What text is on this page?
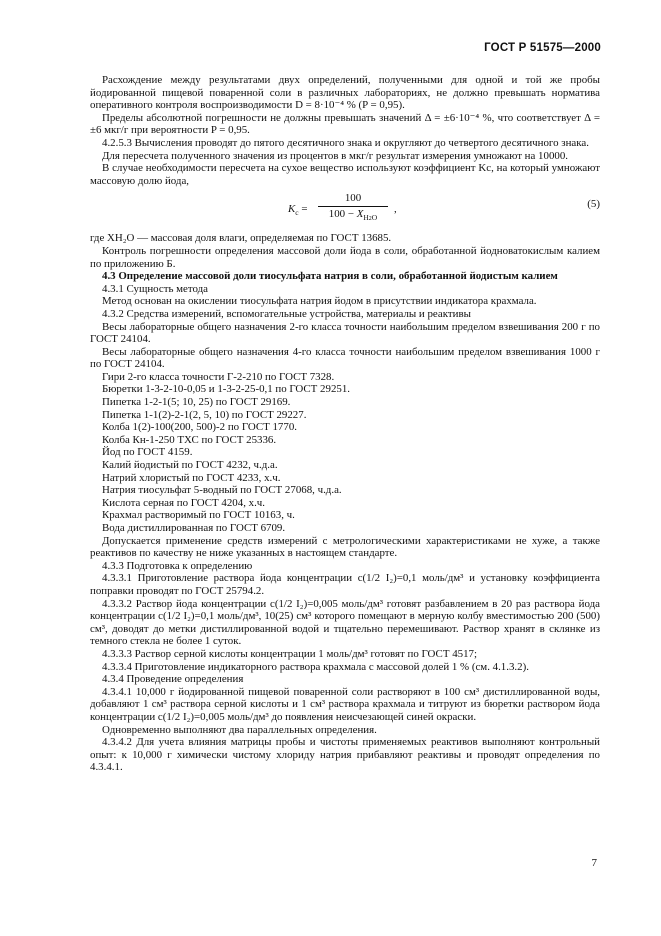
ГОСТ Р 51575—2000

Расхождение между результатами двух определений, полученными для одной и той же пробы йодированной пищевой поваренной соли в различных лабораториях, не должно превышать норматива оперативного контроля воспроизводимости D = 8·10⁻⁴ % (P = 0,95).

Пределы абсолютной погрешности не должны превышать значений Δ = ±6·10⁻⁴ %, что соответствует Δ = ±6 мкг/г при вероятности P = 0,95.

4.2.5.3 Вычисления проводят до пятого десятичного знака и округляют до четвертого десятичного знака.

Для пересчета полученного значения из процентов в мкг/г результат измерения умножают на 10000.

В случае необходимости пересчета на сухое вещество используют коэффициент Kc, на который умножают массовую долю йода,

$K_c = \frac{100}{100 - X_{H2O}}$ ,	(5)

где XH₂O — массовая доля влаги, определяемая по ГОСТ 13685.

Контроль погрешности определения массовой доли йода в соли, обработанной йодноватокислым калием по приложению Б.

4.3 Определение массовой доли тиосульфата натрия в соли, обработанной йодистым калием

4.3.1 Сущность метода

Метод основан на окислении тиосульфата натрия йодом в присутствии индикатора крахмала.

4.3.2 Средства измерений, вспомогательные устройства, материалы и реактивы

Весы лабораторные общего назначения 2-го класса точности наибольшим пределом взвешивания 200 г по ГОСТ 24104.

Весы лабораторные общего назначения 4-го класса точности наибольшим пределом взвешивания 1000 г по ГОСТ 24104.

Гири 2-го класса точности Г-2-210 по ГОСТ 7328.

Бюретки 1-3-2-10-0,05 и 1-3-2-25-0,1 по ГОСТ 29251.

Пипетка 1-2-1(5; 10, 25) по ГОСТ 29169.

Пипетка 1-1(2)-2-1(2, 5, 10) по ГОСТ 29227.

Колба 1(2)-100(200, 500)-2 по ГОСТ 1770.

Колба Кн-1-250 ТХС по ГОСТ 25336.

Йод по ГОСТ 4159.

Калий йодистый по ГОСТ 4232, ч.д.а.

Натрий хлористый по ГОСТ 4233, х.ч.

Натрия тиосульфат 5-водный по ГОСТ 27068, ч.д.а.

Кислота серная по ГОСТ 4204, х.ч.

Крахмал растворимый по ГОСТ 10163, ч.

Вода дистиллированная по ГОСТ 6709.

Допускается применение средств измерений с метрологическими характеристиками не хуже, а также реактивов по качеству не ниже указанных в настоящем стандарте.

4.3.3 Подготовка к определению

4.3.3.1 Приготовление раствора йода концентрации c(1/2 I₂)=0,1 моль/дм³ и установку коэффициента поправки проводят по ГОСТ 25794.2.

4.3.3.2 Раствор йода концентрации c(1/2 I₂)=0,005 моль/дм³ готовят разбавлением в 20 раз раствора йода концентрации c(1/2 I₂)=0,1 моль/дм³, 10(25) см³ которого помещают в мерную колбу вместимостью 200 (500) см³, доводят до метки дистиллированной водой и тщательно перемешивают. Раствор хранят в склянке из темного стекла не более 1 суток.

4.3.3.3 Раствор серной кислоты концентрации 1 моль/дм³ готовят по ГОСТ 4517;

4.3.3.4 Приготовление индикаторного раствора крахмала с массовой долей 1 % (см. 4.1.3.2).

4.3.4 Проведение определения

4.3.4.1 10,000 г йодированной пищевой поваренной соли растворяют в 100 см³ дистиллированной воды, добавляют 1 см³ раствора серной кислоты и 1 см³ раствора крахмала и титруют из бюретки раствором йода концентрации c(1/2 I₂)=0,005 моль/дм³ до появления неисчезающей синей окраски.

Одновременно выполняют два параллельных определения.

4.3.4.2 Для учета влияния матрицы пробы и чистоты применяемых реактивов выполняют контрольный опыт: к 10,000 г химически чистому хлориду натрия прибавляют реактивы и проводят определения по 4.3.4.1.

7
